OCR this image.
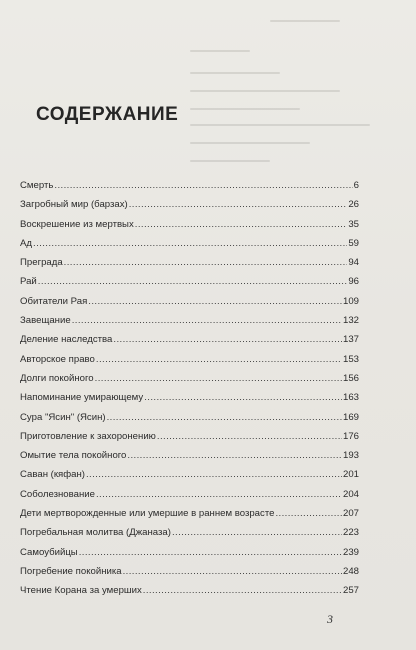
СОДЕРЖАНИЕ
Смерть .....	6
Загробный мир (барзах) .....	26
Воскрешение из мертвых .....	35
Ад .....	59
Преграда .....	94
Рай .....	96
Обитатели Рая .....	109
Завещание .....	132
Деление наследства .....	137
Авторское право .....	153
Долги покойного .....	156
Напоминание умирающему .....	163
Сура "Ясин" (Ясин) .....	169
Приготовление к захоронению .....	176
Омытие тела покойного .....	193
Саван (кяфан) .....	201
Соболезнование .....	204
Дети мертворожденные или умершие в раннем возрасте .....	207
Погребальная молитва (Джаназа) .....	223
Самоубийцы .....	239
Погребение покойника .....	248
Чтение Корана за умерших .....	257
3
